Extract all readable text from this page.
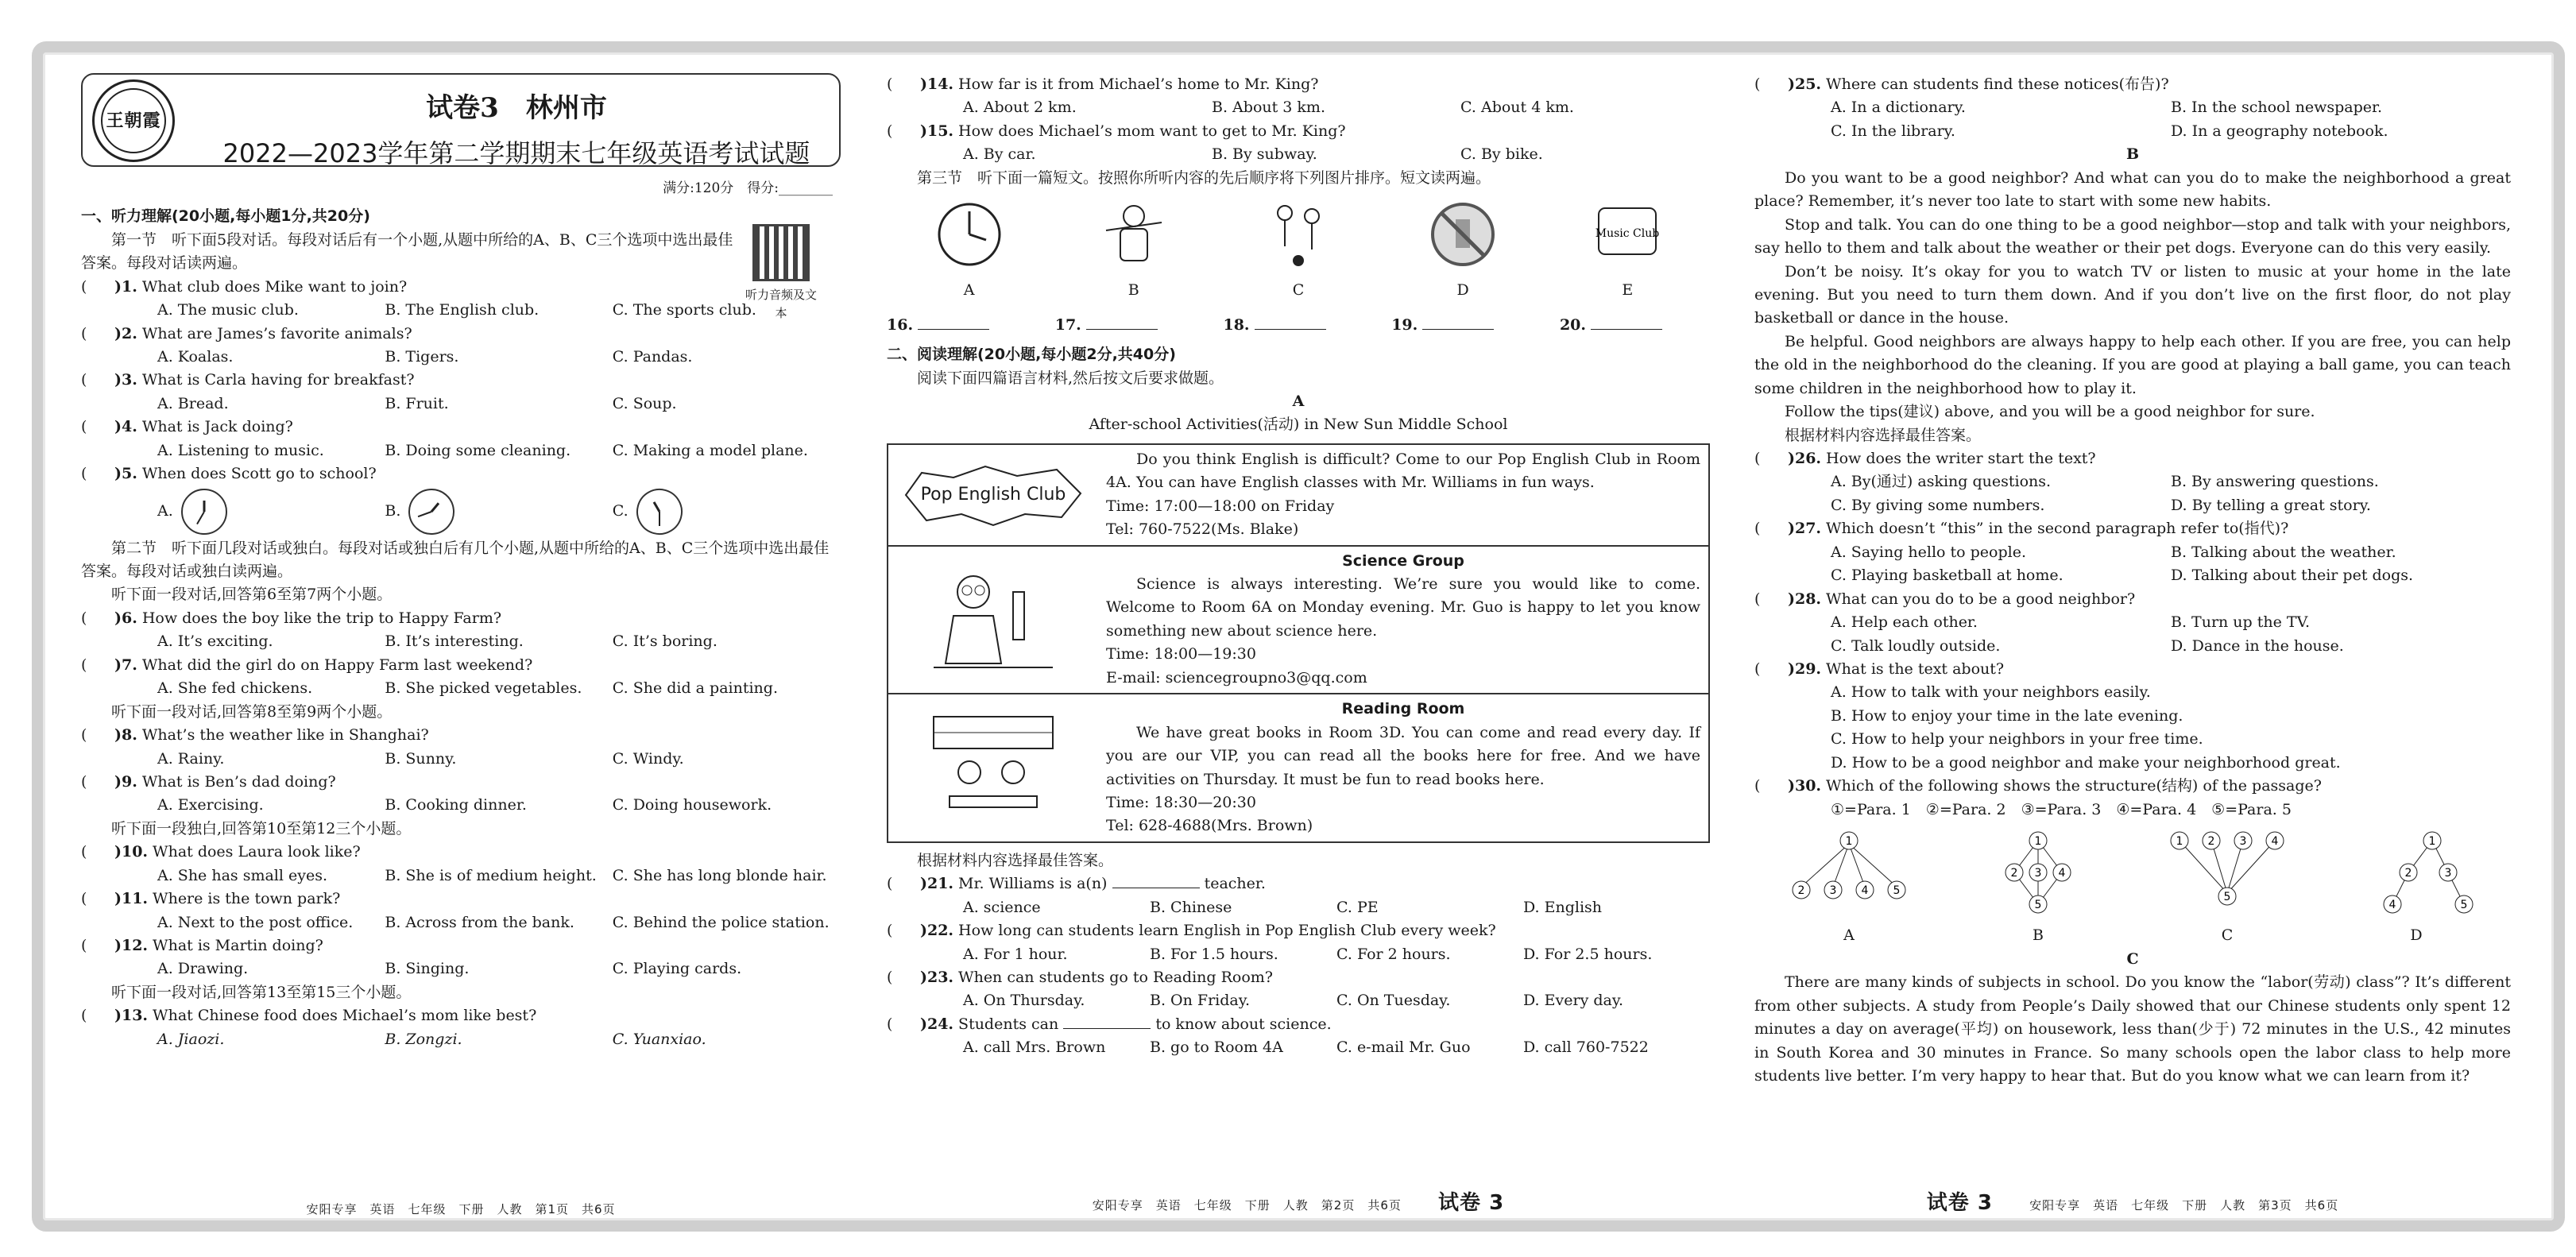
王朝霞	试卷3　林州市
2022—2023学年第二学期期末七年级英语考试试题
满分:120分　得分:________
听力音频及文本
一、听力理解(20小题,每小题1分,共20分)
第一节　听下面5段对话。每段对话后有一个小题,从题中所给的A、B、C三个选项中选出最佳答案。每段对话读两遍。
(	)1. What club does Mike want to join?
A. The music club.	B. The English club.	C. The sports club.
(	)2. What are James’s favorite animals?
A. Koalas.	B. Tigers.	C. Pandas.
(	)3. What is Carla having for breakfast?
A. Bread.	B. Fruit.	C. Soup.
(	)4. What is Jack doing?
A. Listening to music.	B. Doing some cleaning.	C. Making a model plane.
(	)5. When does Scott go to school?
A.	B.	C.
第二节　听下面几段对话或独白。每段对话或独白后有几个小题,从题中所给的A、B、C三个选项中选出最佳答案。每段对话或独白读两遍。
听下面一段对话,回答第6至第7两个小题。
(	)6. How does the boy like the trip to Happy Farm?
A. It’s exciting.	B. It’s interesting.	C. It’s boring.
(	)7. What did the girl do on Happy Farm last weekend?
A. She fed chickens.	B. She picked vegetables.	C. She did a painting.
听下面一段对话,回答第8至第9两个小题。
(	)8. What’s the weather like in Shanghai?
A. Rainy.	B. Sunny.	C. Windy.
(	)9. What is Ben’s dad doing?
A. Exercising.	B. Cooking dinner.	C. Doing housework.
听下面一段独白,回答第10至第12三个小题。
(	)10. What does Laura look like?
A. She has small eyes.	B. She is of medium height.	C. She has long blonde hair.
(	)11. Where is the town park?
A. Next to the post office.	B. Across from the bank.	C. Behind the police station.
(	)12. What is Martin doing?
A. Drawing.	B. Singing.	C. Playing cards.
听下面一段对话,回答第13至第15三个小题。
(	)13. What Chinese food does Michael’s mom like best?
A. Jiaozi.	B. Zongzi.	C. Yuanxiao.
安阳专享　英语　七年级　下册　人教　第1页　共6页
(	)14. How far is it from Michael’s home to Mr. King?
A. About 2 km.	B. About 3 km.	C. About 4 km.
(	)15. How does Michael’s mom want to get to Mr. King?
A. By car.	B. By subway.	C. By bike.
第三节　听下面一篇短文。按照你所听内容的先后顺序将下列图片排序。短文读两遍。
A	B	C	D
Music Club
E
16.	17.	18.	19.	20.
二、阅读理解(20小题,每小题2分,共40分)
阅读下面四篇语言材料,然后按文后要求做题。
A
After-school Activities(活动) in New Sun Middle School
Pop English Club

Do you think English is difficult? Come to our Pop English Club in Room 4A. You can have English classes with Mr. Williams in fun ways.

Time: 17:00—18:00 on Friday

Tel: 760-7522(Ms. Blake)

Science Group

Science is always interesting. We’re sure you would like to come. Welcome to Room 6A on Monday evening. Mr. Guo is happy to let you know something new about science here.

Time: 18:00—19:30

E-mail: sciencegroupno3@qq.com

Reading Room

We have great books in Room 3D. You can come and read every day. If you are our VIP, you can read all the books here for free. And we have activities on Thursday. It must be fun to read books here.

Time: 18:30—20:30

Tel: 628-4688(Mrs. Brown)

根据材料内容选择最佳答案。
(	)21. Mr. Williams is a(n)

	teacher.
A. science	B. Chinese	C. PE	D. English
(	)22. How long can students learn English in Pop English Club every week?
A. For 1 hour.	B. For 1.5 hours.	C. For 2 hours.	D. For 2.5 hours.
(	)23. When can students go to Reading Room?
A. On Thursday.	B. On Friday.	C. On Tuesday.	D. Every day.
(	)24. Students can

	to know about science.
A. call Mrs. Brown	B. go to Room 4A	C. e-mail Mr. Guo	D. call 760-7522
安阳专享　英语　七年级　下册　人教　第2页　共6页 试卷 3
(	)25. Where can students find these notices(布告)?
A. In a dictionary.	B. In the school newspaper.
C. In the library.	D. In a geography notebook.
B

Do you want to be a good neighbor? And what can you do to make the neighborhood a great place? Remember, it’s never too late to start with some new habits.

Stop and talk. You can do one thing to be a good neighbor—stop and talk with your neighbors, say hello to them and talk about the weather or their pet dogs. Everyone can do this very easily.

Don’t be noisy. It’s okay for you to watch TV or listen to music at your home in the late evening. But you need to turn them down. And if you don’t live on the first floor, do not play basketball or dance in the house.

Be helpful. Good neighbors are always happy to help each other. If you are free, you can help the old in the neighborhood do the cleaning. If you are good at playing a ball game, you can teach some children in the neighborhood how to play it.

Follow the tips(建议) above, and you will be a good neighbor for sure.

根据材料内容选择最佳答案。
(	)26. How does the writer start the text?
A. By(通过) asking questions.	B. By answering questions.
C. By giving some numbers.	D. By telling a great story.
(	)27. Which doesn’t “this” in the second paragraph refer to(指代)?
A. Saying hello to people.	B. Talking about the weather.
C. Playing basketball at home.	D. Talking about their pet dogs.
(	)28. What can you do to be a good neighbor?
A. Help each other.	B. Turn up the TV.
C. Talk loudly outside.	D. Dance in the house.
(	)29. What is the text about?
A. How to talk with your neighbors easily.
B. How to enjoy your time in the late evening.
C. How to help your neighbors in your free time.
D. How to be a good neighbor and make your neighborhood great.
(	)30. Which of the following shows the structure(结构) of the passage?
①=Para. 1　②=Para. 2　③=Para. 3　④=Para. 4　⑤=Para. 5
1
2 3 4 5
A
1
2 3 4
5
B
1 2 3 4
5
C
1
2	3
4	5
D
C

There are many kinds of subjects in school. Do you know the “labor(劳动) class”? It’s different from other subjects. A study from People’s Daily showed that our Chinese students only spent 12 minutes a day on average(平均) on housework, less than(少于) 72 minutes in the U.S., 42 minutes in South Korea and 30 minutes in France. So many schools open the labor class to help more students live better. I’m very happy to hear that. But do you know what we can learn from it?

试卷 3	安阳专享　英语　七年级　下册　人教　第3页　共6页
